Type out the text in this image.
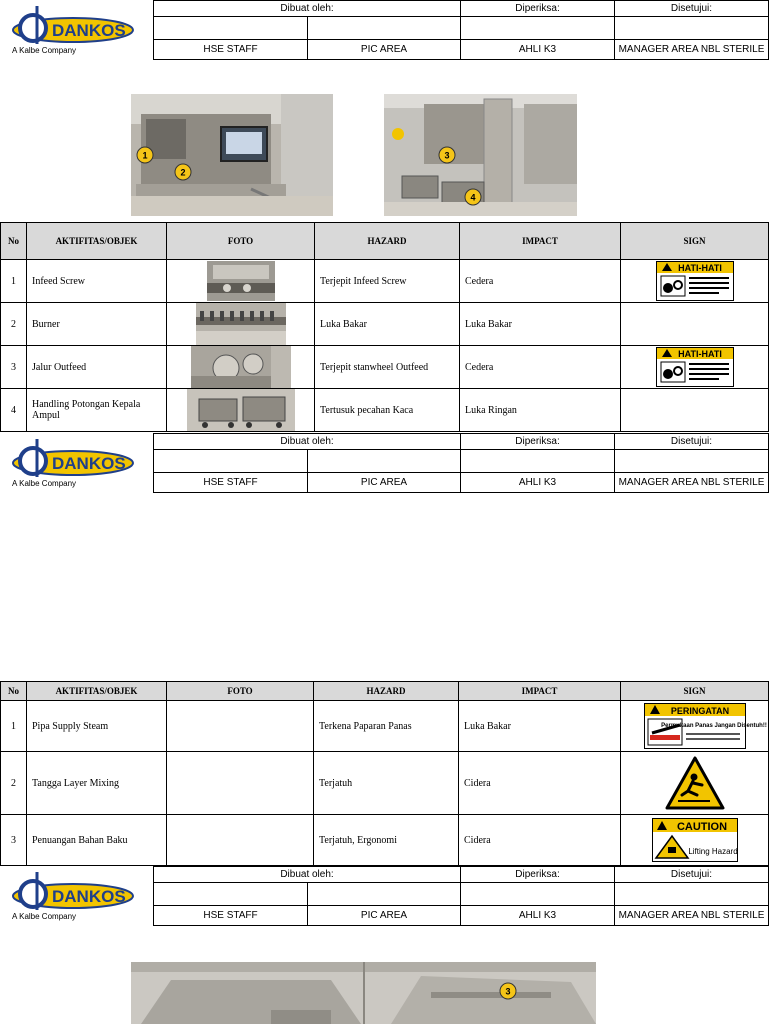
DANKOS
A Kalbe Company
Dibuat oleh:		Diperiksa:	Disetujui:

HSE STAFF	PIC AREA	AHLI K3	MANAGER AREA NBL STERILE
1
2
3
4
No	AKTIFITAS/OBJEK	FOTO	HAZARD	IMPACT	SIGN
1	Infeed Screw		Terjepit Infeed Screw	Cedera	HATI-HATI

2	Burner		Luka Bakar	Luka Bakar	
3	Jalur Outfeed		Terjepit stanwheel Outfeed	Cedera	HATI-HATI

4	Handling Potongan Kepala Ampul		Tertusuk pecahan Kaca	Luka Ringan	
DANKOS
A Kalbe Company
Dibuat oleh:		Diperiksa:	Disetujui:

HSE STAFF	PIC AREA	AHLI K3	MANAGER AREA NBL STERILE
No	AKTIFITAS/OBJEK	FOTO	HAZARD	IMPACT	SIGN
1	Pipa Supply Steam		Terkena Paparan Panas	Luka Bakar	PERINGATAN
Permukaan Panas Jangan Disentuh!!

2	Tangga Layer Mixing		Terjatuh	Cidera	

3	Penuangan Bahan Baku		Terjatuh, Ergonomi	Cidera	CAUTION
Lifting Hazard
DANKOS
A Kalbe Company
Dibuat oleh:		Diperiksa:	Disetujui:

HSE STAFF	PIC AREA	AHLI K3	MANAGER AREA NBL STERILE
3
